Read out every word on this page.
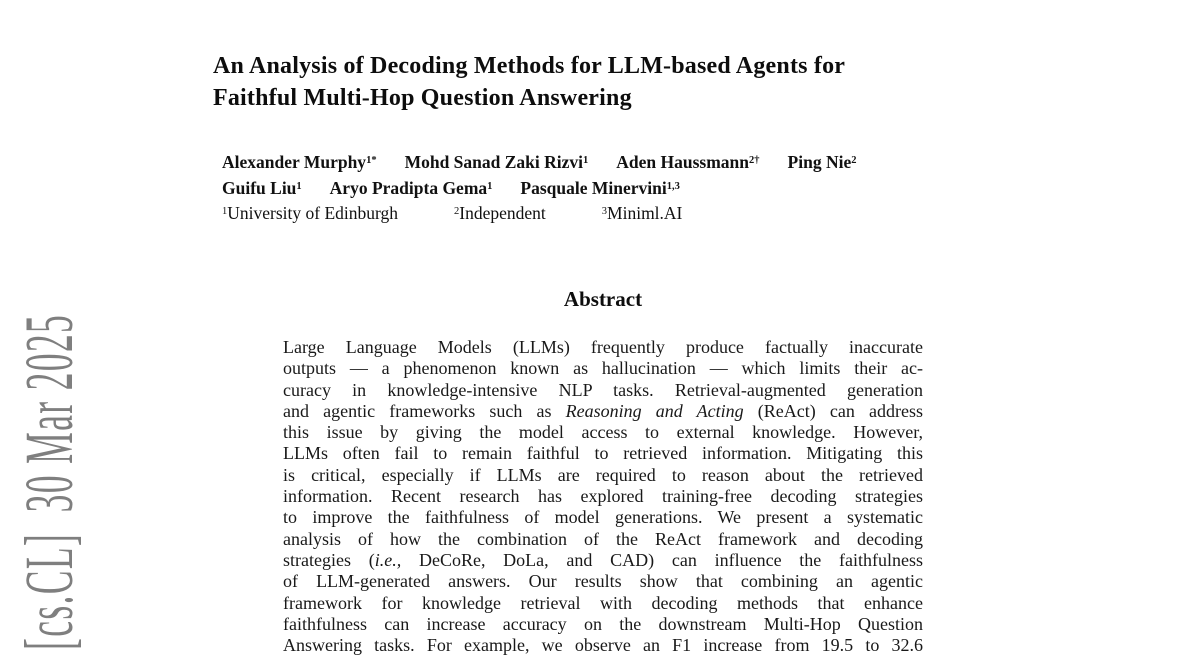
[cs.CL]  30 Mar 2025
An Analysis of Decoding Methods for LLM-based Agents for
Faithful Multi-Hop Question Answering
Alexander Murphy$^{1*}$ Mohd Sanad Zaki Rizvi$^1$ Aden Haussmann$^{2\dagger}$ Ping Nie$^2$
Guifu Liu$^1$ Aryo Pradipta Gema$^1$ Pasquale Minervini$^{1,3}$
$^1$University of Edinburgh	$^2$Independent	$^3$Miniml.AI
Abstract
Large Language Models (LLMs) frequently produce factually inaccurate
outputs — a phenomenon known as hallucination — which limits their ac-
curacy in knowledge-intensive NLP tasks. Retrieval-augmented generation
and agentic frameworks such as Reasoning and Acting (ReAct) can address
this issue by giving the model access to external knowledge. However,
LLMs often fail to remain faithful to retrieved information. Mitigating this
is critical, especially if LLMs are required to reason about the retrieved
information. Recent research has explored training-free decoding strategies
to improve the faithfulness of model generations. We present a systematic
analysis of how the combination of the ReAct framework and decoding
strategies (i.e., DeCoRe, DoLa, and CAD) can influence the faithfulness
of LLM-generated answers. Our results show that combining an agentic
framework for knowledge retrieval with decoding methods that enhance
faithfulness can increase accuracy on the downstream Multi-Hop Question
Answering tasks. For example, we observe an F1 increase from 19.5 to 32.6
